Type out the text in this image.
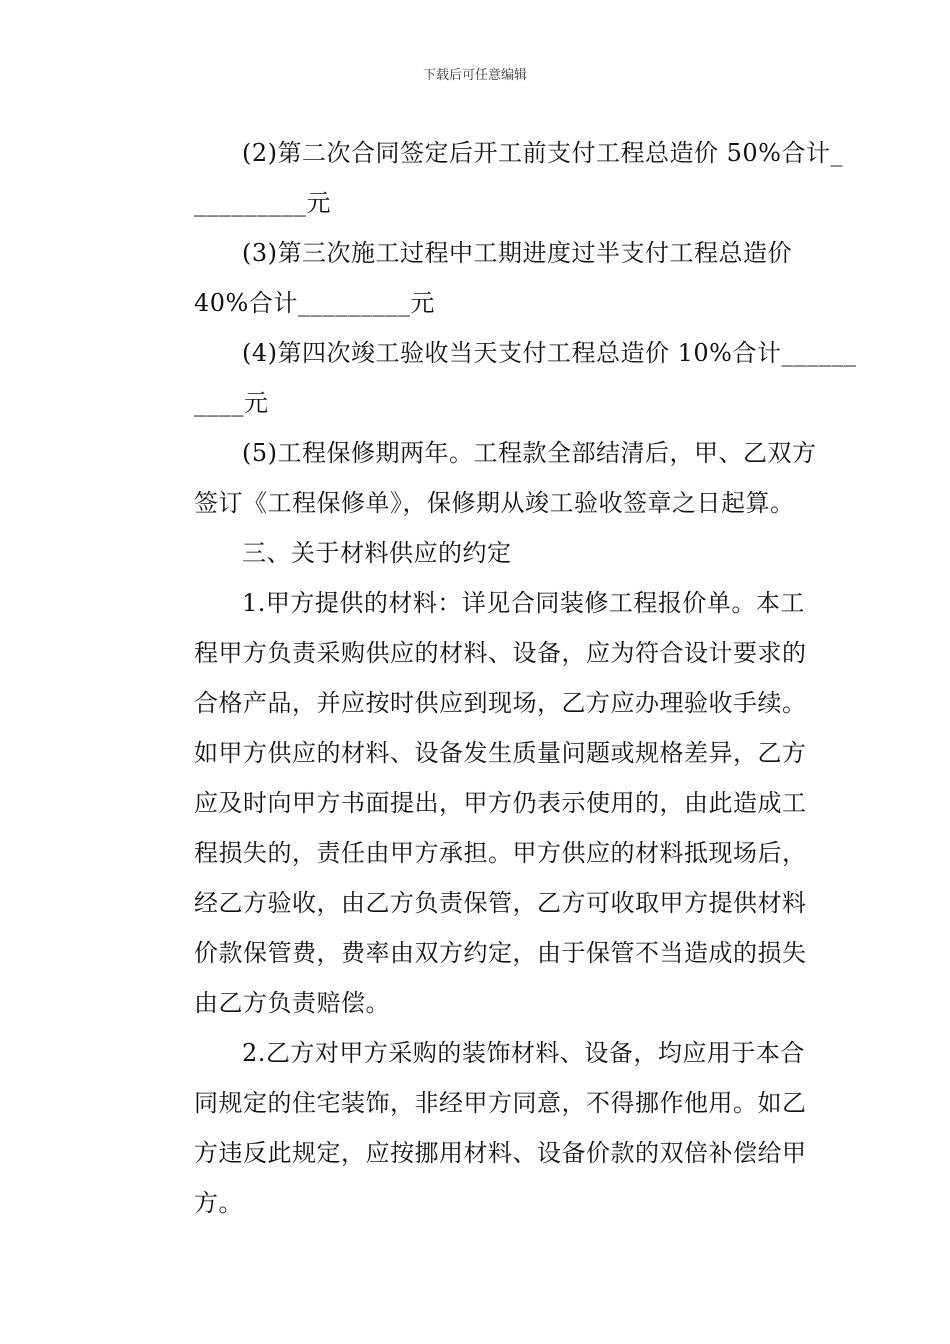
下载后可任意编辑
(2)第二次合同签定后开工前支付工程总造价 50%合计_
_________元
(3)第三次施工过程中工期进度过半支付工程总造价
40%合计_________元
(4)第四次竣工验收当天支付工程总造价 10%合计______
____元
(5)工程保修期两年。工程款全部结清后，甲、乙双方
签订《工程保修单》，保修期从竣工验收签章之日起算。
三、关于材料供应的约定
1.甲方提供的材料：详见合同装修工程报价单。本工
程甲方负责采购供应的材料、设备，应为符合设计要求的
合格产品，并应按时供应到现场，乙方应办理验收手续。
如甲方供应的材料、设备发生质量问题或规格差异，乙方
应及时向甲方书面提出，甲方仍表示使用的，由此造成工
程损失的，责任由甲方承担。甲方供应的材料抵现场后，
经乙方验收，由乙方负责保管，乙方可收取甲方提供材料
价款保管费，费率由双方约定，由于保管不当造成的损失
由乙方负责赔偿。
2.乙方对甲方采购的装饰材料、设备，均应用于本合
同规定的住宅装饰，非经甲方同意，不得挪作他用。如乙
方违反此规定，应按挪用材料、设备价款的双倍补偿给甲
方。
